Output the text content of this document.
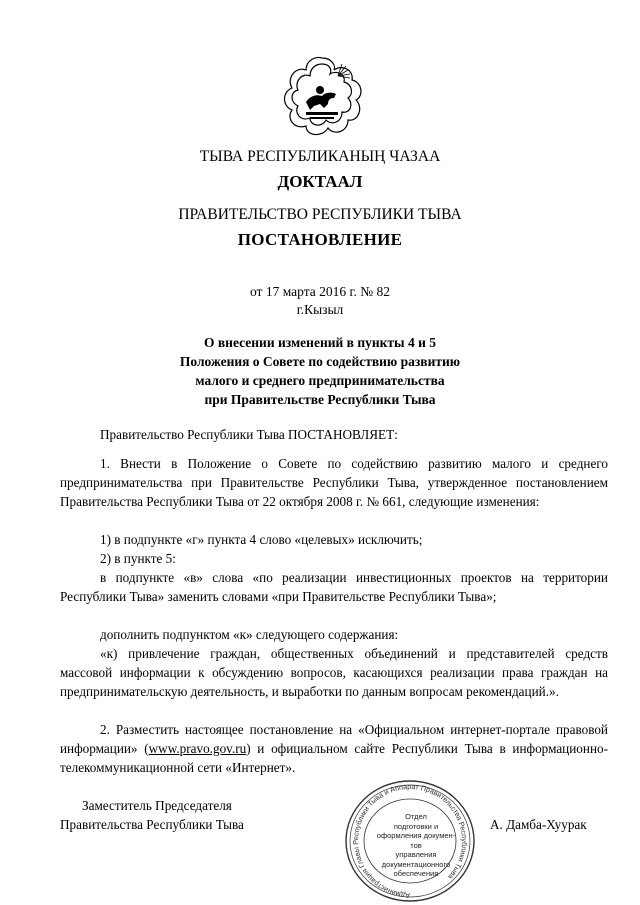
ТЫВА РЕСПУБЛИКАНЫҢ ЧАЗАА
ДОКТААЛ
ПРАВИТЕЛЬСТВО РЕСПУБЛИКИ ТЫВА
ПОСТАНОВЛЕНИЕ
от 17 марта 2016 г. № 82
г.Кызыл
О внесении изменений в пункты 4 и 5
Положения о Совете по содействию развитию
малого и среднего предпринимательства
при Правительстве Республики Тыва
Правительство Республики Тыва ПОСТАНОВЛЯЕТ:
1. Внести в Положение о Совете по содействию развитию малого и среднего предпринимательства при Правительстве Республики Тыва, утвержденное постановлением Правительства Республики Тыва от 22 октября 2008 г. № 661, следующие изменения:
1) в подпункте «г» пункта 4 слово «целевых» исключить;
2) в пункте 5:
в подпункте «в» слова «по реализации инвестиционных проектов на территории Республики Тыва» заменить словами «при Правительстве Республики Тыва»;
дополнить подпунктом «к» следующего содержания:
«к) привлечение граждан, общественных объединений и представителей средств массовой информации к обсуждению вопросов, касающихся реализации права граждан на предпринимательскую деятельность, и выработки по данным вопросам рекомендаций.».
2. Разместить настоящее постановление на «Официальном интернет-портале правовой информации» (www.pravo.gov.ru) и официальном сайте Республики Тыва в информационно-телекоммуникационной сети «Интернет».
Администрация Главы Республики Тыва и Аппарат Правительства Республики Тыва
Отдел
подготовки и
оформления докумен-тов
управления
документационного
обеспечения
Заместитель Председателя
Правительства Республики Тыва	А. Дамба-Хуурак
